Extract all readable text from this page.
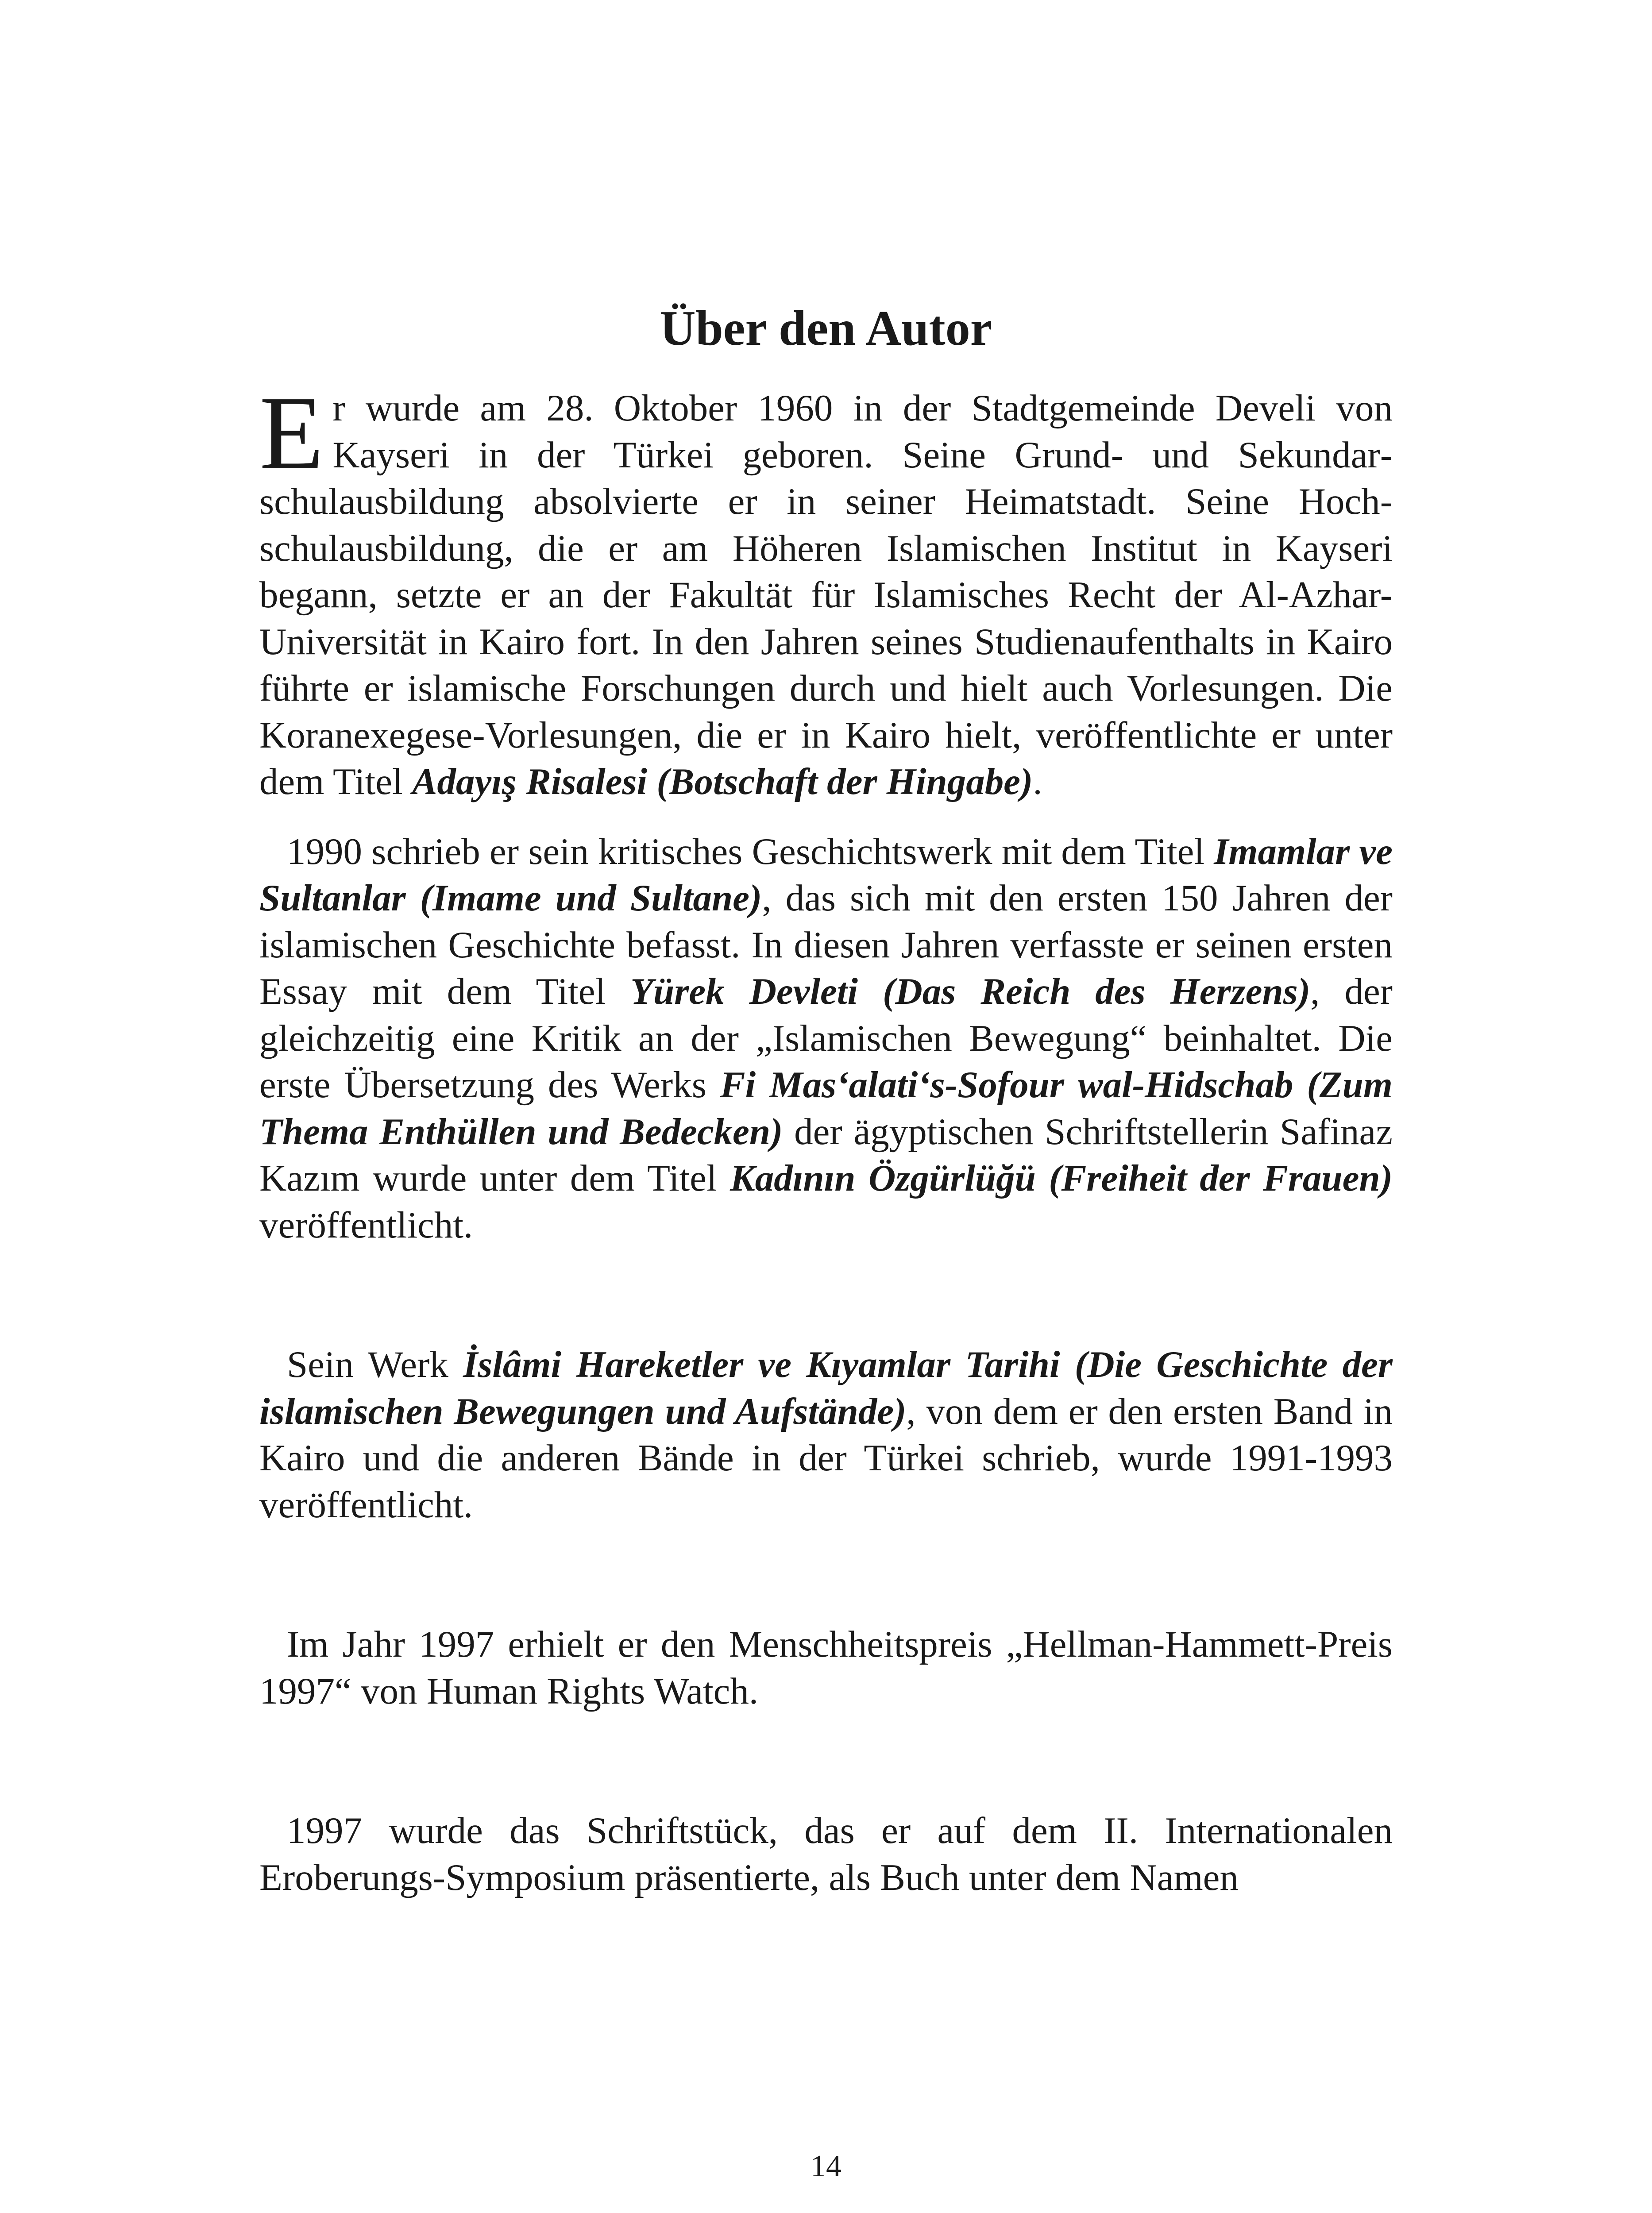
Über den Autor

Er wurde am 28. Oktober 1960 in der Stadtgemeinde Develi von Kayseri in der Türkei geboren. Seine Grund- und Sekundarschulausbildung absolvierte er in seiner Heimatstadt. Seine Hochschulausbildung, die er am Höheren Islamischen Institut in Kayseri begann, setzte er an der Fakultät für Islamisches Recht der Al-Azhar-Universität in Kairo fort. In den Jahren seines Studienaufenthalts in Kairo führte er islamische Forschungen durch und hielt auch Vorlesungen. Die Koranexegese-Vorlesungen, die er in Kairo hielt, veröffentlichte er unter dem Titel Adayış Risalesi (Botschaft der Hingabe).

1990 schrieb er sein kritisches Geschichtswerk mit dem Titel Imamlar ve Sultanlar (Imame und Sultane), das sich mit den ersten 150 Jahren der islamischen Geschichte befasst. In diesen Jahren verfasste er seinen ersten Essay mit dem Titel Yürek Devleti (Das Reich des Herzens), der gleichzeitig eine Kritik an der „Islamischen Bewegung“ beinhaltet. Die erste Übersetzung des Werks Fi Mas‘alati‘s-Sofour wal-Hidschab (Zum Thema Enthüllen und Bedecken) der ägyptischen Schriftstellerin Safinaz Kazım wurde unter dem Titel Kadının Özgürlüğü (Freiheit der Frauen) veröffentlicht.

Sein Werk İslâmi Hareketler ve Kıyamlar Tarihi (Die Geschichte der islamischen Bewegungen und Aufstände), von dem er den ersten Band in Kairo und die anderen Bände in der Türkei schrieb, wurde 1991-1993 veröffentlicht.

Im Jahr 1997 erhielt er den Menschheitspreis „Hellman-Hammett-Preis 1997“ von Human Rights Watch.

1997 wurde das Schriftstück, das er auf dem II. Internationalen Eroberungs-Symposium präsentierte, als Buch unter dem Namen

14
